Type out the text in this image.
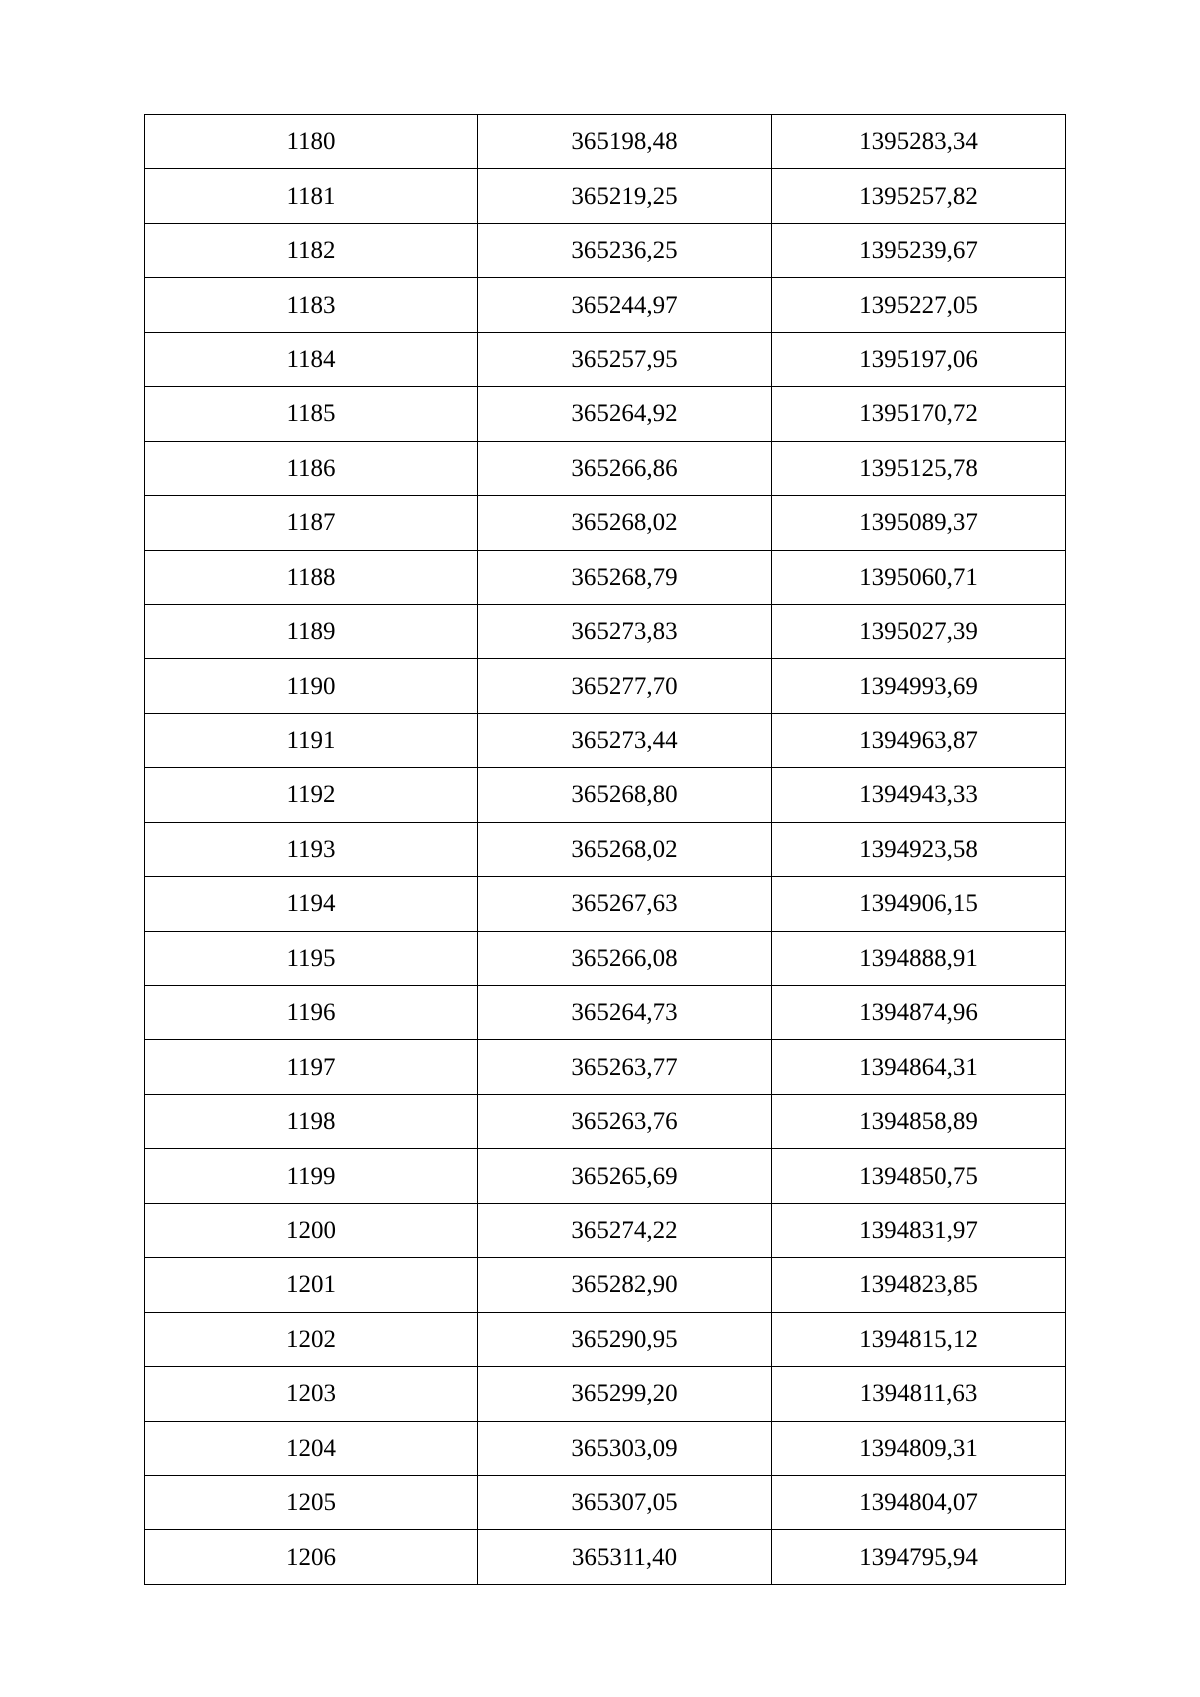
1180	365198,48	1395283,34
1181	365219,25	1395257,82
1182	365236,25	1395239,67
1183	365244,97	1395227,05
1184	365257,95	1395197,06
1185	365264,92	1395170,72
1186	365266,86	1395125,78
1187	365268,02	1395089,37
1188	365268,79	1395060,71
1189	365273,83	1395027,39
1190	365277,70	1394993,69
1191	365273,44	1394963,87
1192	365268,80	1394943,33
1193	365268,02	1394923,58
1194	365267,63	1394906,15
1195	365266,08	1394888,91
1196	365264,73	1394874,96
1197	365263,77	1394864,31
1198	365263,76	1394858,89
1199	365265,69	1394850,75
1200	365274,22	1394831,97
1201	365282,90	1394823,85
1202	365290,95	1394815,12
1203	365299,20	1394811,63
1204	365303,09	1394809,31
1205	365307,05	1394804,07
1206	365311,40	1394795,94
